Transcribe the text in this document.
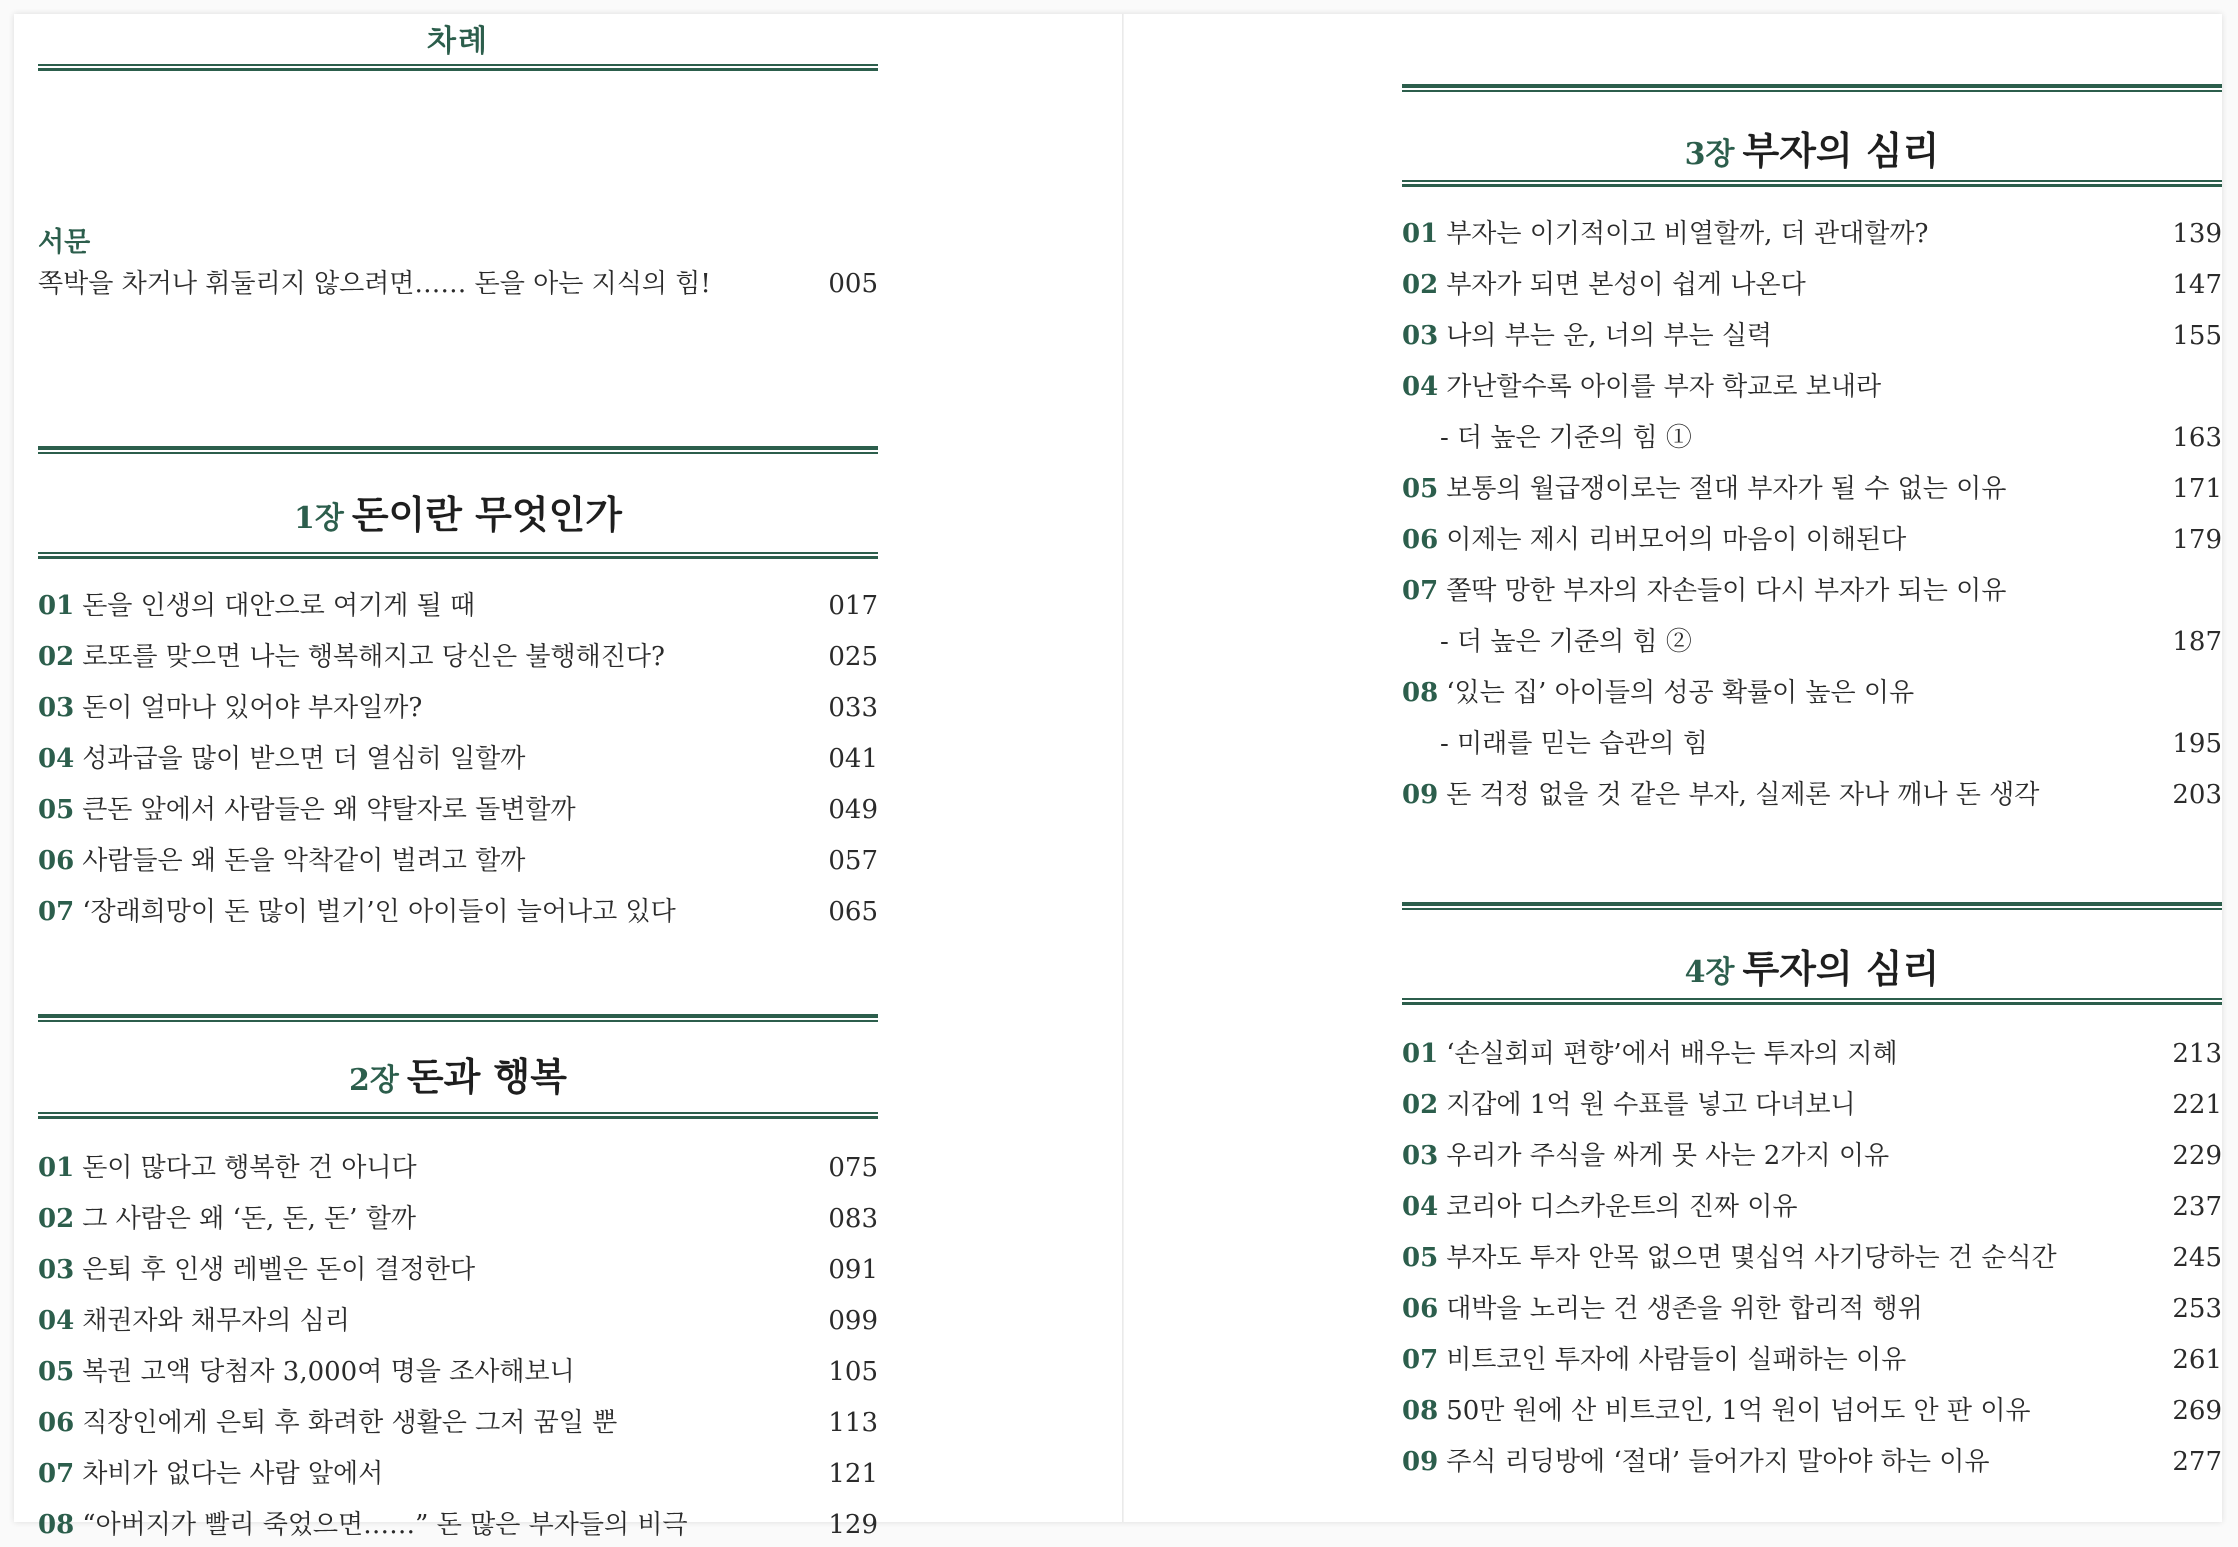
차례
서문
쪽박을 차거나 휘둘리지 않으려면…… 돈을 아는 지식의 힘!	005
1장 돈이란 무엇인가
01 돈을 인생의 대안으로 여기게 될 때	017
02 로또를 맞으면 나는 행복해지고 당신은 불행해진다?	025
03 돈이 얼마나 있어야 부자일까?	033
04 성과급을 많이 받으면 더 열심히 일할까	041
05 큰돈 앞에서 사람들은 왜 약탈자로 돌변할까	049
06 사람들은 왜 돈을 악착같이 벌려고 할까	057
07 ‘장래희망이 돈 많이 벌기’인 아이들이 늘어나고 있다	065
2장 돈과 행복
01 돈이 많다고 행복한 건 아니다	075
02 그 사람은 왜 ‘돈, 돈, 돈’ 할까	083
03 은퇴 후 인생 레벨은 돈이 결정한다	091
04 채권자와 채무자의 심리	099
05 복권 고액 당첨자 3,000여 명을 조사해보니	105
06 직장인에게 은퇴 후 화려한 생활은 그저 꿈일 뿐	113
07 차비가 없다는 사람 앞에서	121
08 “아버지가 빨리 죽었으면……” 돈 많은 부자들의 비극	129
3장 부자의 심리
01 부자는 이기적이고 비열할까, 더 관대할까?	139
02 부자가 되면 본성이 쉽게 나온다	147
03 나의 부는 운, 너의 부는 실력	155
04 가난할수록 아이를 부자 학교로 보내라
- 더 높은 기준의 힘 ①	163
05 보통의 월급쟁이로는 절대 부자가 될 수 없는 이유	171
06 이제는 제시 리버모어의 마음이 이해된다	179
07 쫄딱 망한 부자의 자손들이 다시 부자가 되는 이유
- 더 높은 기준의 힘 ②	187
08 ‘있는 집’ 아이들의 성공 확률이 높은 이유
- 미래를 믿는 습관의 힘	195
09 돈 걱정 없을 것 같은 부자, 실제론 자나 깨나 돈 생각	203
4장 투자의 심리
01 ‘손실회피 편향’에서 배우는 투자의 지혜	213
02 지갑에 1억 원 수표를 넣고 다녀보니	221
03 우리가 주식을 싸게 못 사는 2가지 이유	229
04 코리아 디스카운트의 진짜 이유	237
05 부자도 투자 안목 없으면 몇십억 사기당하는 건 순식간	245
06 대박을 노리는 건 생존을 위한 합리적 행위	253
07 비트코인 투자에 사람들이 실패하는 이유	261
08 50만 원에 산 비트코인, 1억 원이 넘어도 안 판 이유	269
09 주식 리딩방에 ‘절대’ 들어가지 말아야 하는 이유	277
